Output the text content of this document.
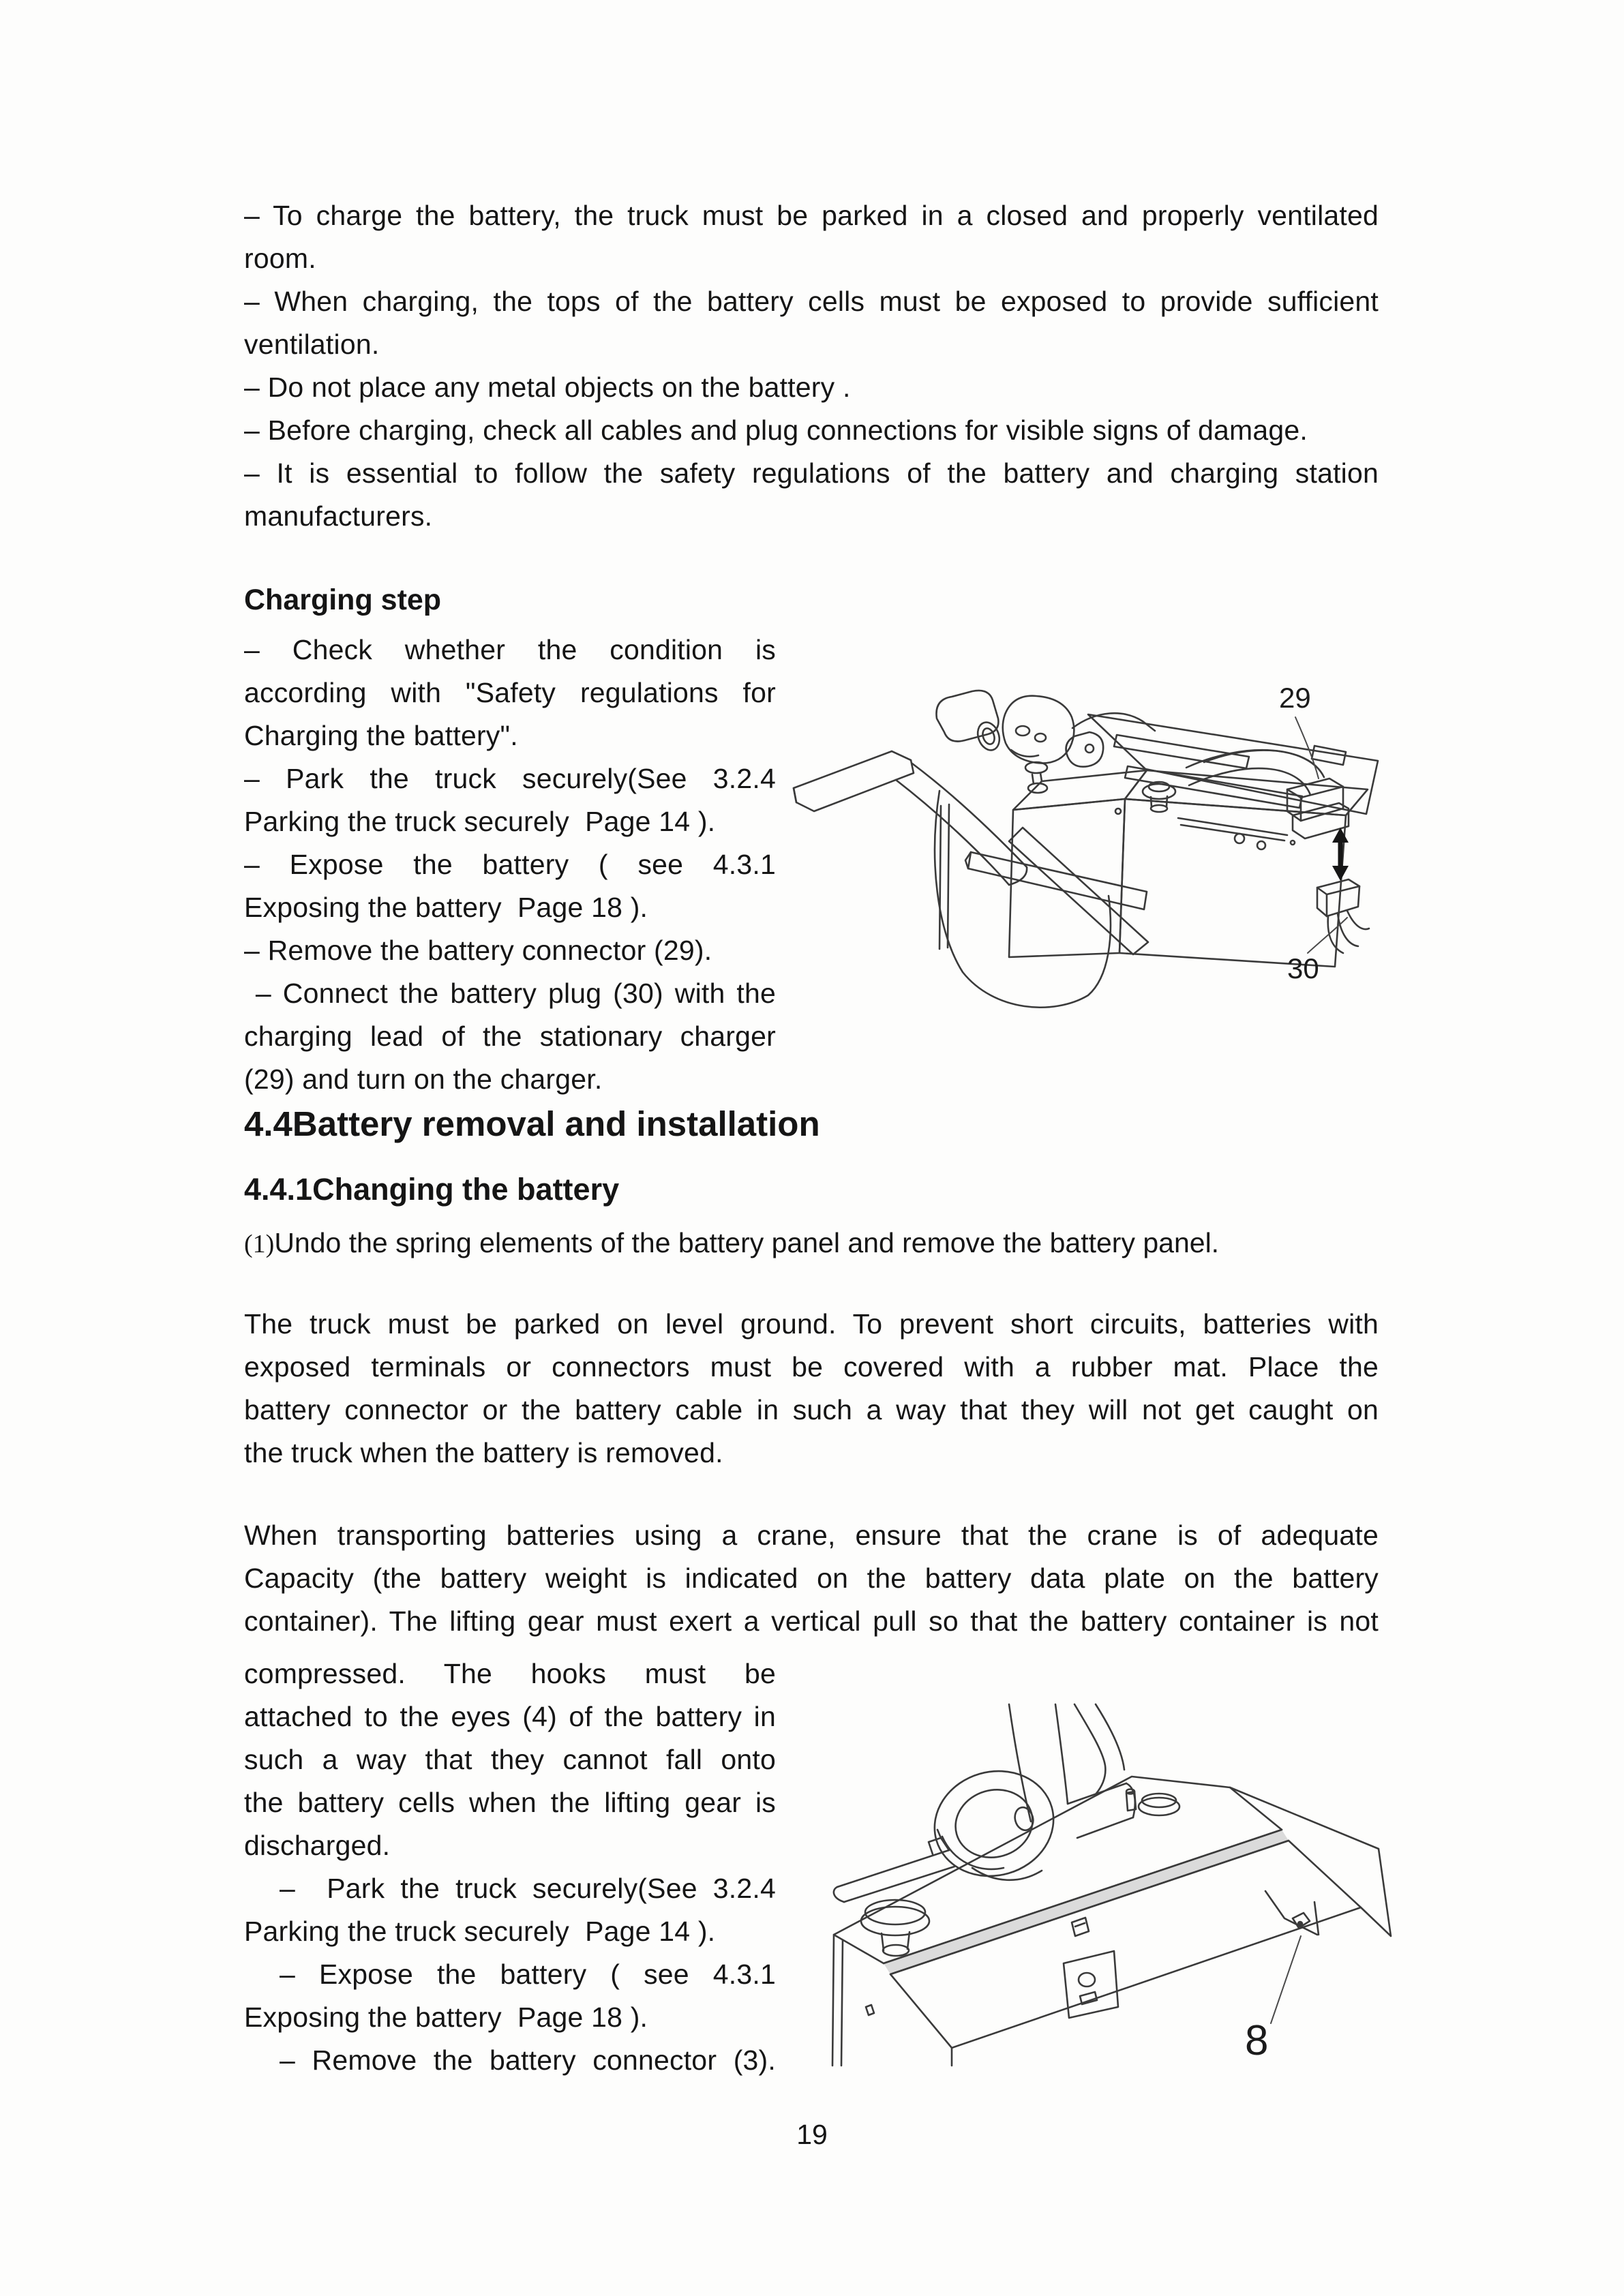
– To charge the battery, the truck must be parked in a closed and properly ventilated
room.
– When charging, the tops of the battery cells must be exposed to provide sufficient
ventilation.
– Do not place any metal objects on the battery .
– Before charging, check all cables and plug connections for visible signs of damage.
– It is essential to follow the safety regulations of the battery and charging station
manufacturers.
Charging step
– Check whether the condition is
according with "Safety regulations for
Charging the battery".
– Park the truck securely(See 3.2.4
Parking the truck securely  Page 14 ).
– Expose the battery ( see 4.3.1
Exposing the battery  Page 18 ).
– Remove the battery connector (29).
– Connect the battery plug (30) with the
charging lead of the stationary charger
(29) and turn on the charger.
29
30
4.4Battery removal and installation
4.4.1Changing the battery
(1)Undo the spring elements of the battery panel and remove the battery panel.
The truck must be parked on level ground. To prevent short circuits, batteries with
exposed terminals or connectors must be covered with a rubber mat. Place the
battery connector or the battery cable in such a way that they will not get caught on
the truck when the battery is removed.
When transporting batteries using a crane, ensure that the crane is of adequate
Capacity (the battery weight is indicated on the battery data plate on the battery
container). The lifting gear must exert a vertical pull so that the battery container is not
compressed. The hooks must be
attached to the eyes (4) of the battery in
such a way that they cannot fall onto
the battery cells when the lifting gear is
discharged.
–  Park the truck securely(See 3.2.4
Parking the truck securely  Page 14 ).
– Expose the battery ( see 4.3.1
Exposing the battery  Page 18 ).
– Remove the battery connector (3).	8
19
